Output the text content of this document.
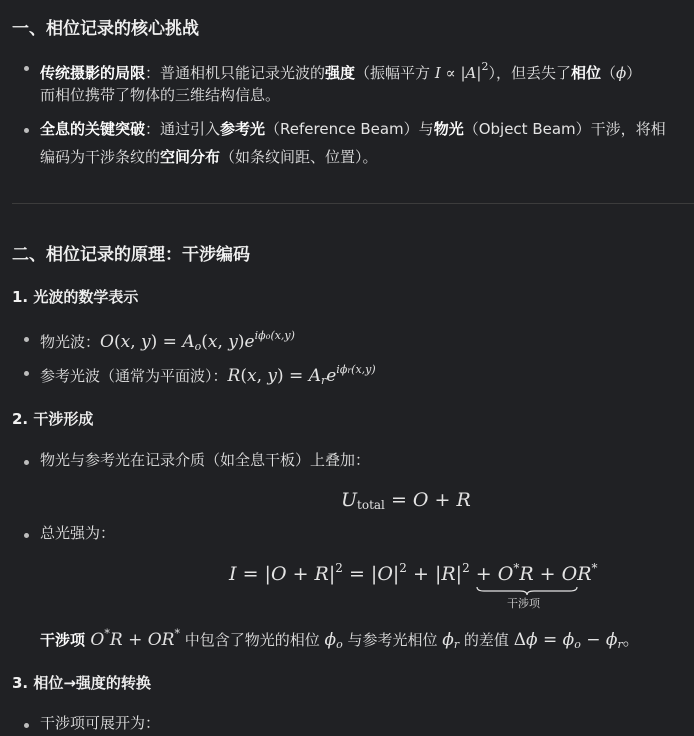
一、相位记录的核心挑战
传统摄影的局限：普通相机只能记录光波的强度（振幅平方 $I \propto |A|^2$），但丢失了相位（ϕ）
而相位携带了物体的三维结构信息。
全息的关键突破：通过引入参考光（Reference Beam）与物光（Object Beam）干涉，将相
编码为干涉条纹的空间分布（如条纹间距、位置）。
二、相位记录的原理：干涉编码
1. 光波的数学表示
物光波：O(x, $y) = A_o(x$, $y)e^{i\phi o(x,y)}$
参考光波（通常为平面波）：R(x, $y) = A_re^{i\phi r(x,y)}$
2. 干涉形成
物光与参考光在记录介质（如全息干板）上叠加：
$U_{total} = O + R$
总光强为：
$I = |O + R|^2 = |O|^2 + |R|^2 + O^*R + OR^*$
干涉项
干涉项 O*R + OR* 中包含了物光的相位 $\phi_o$ 与参考光相位 $\phi_r$ 的差值 $\Delta\phi = \phi_o - \phi_r$。
3. 相位→强度的转换
干涉项可展开为：
